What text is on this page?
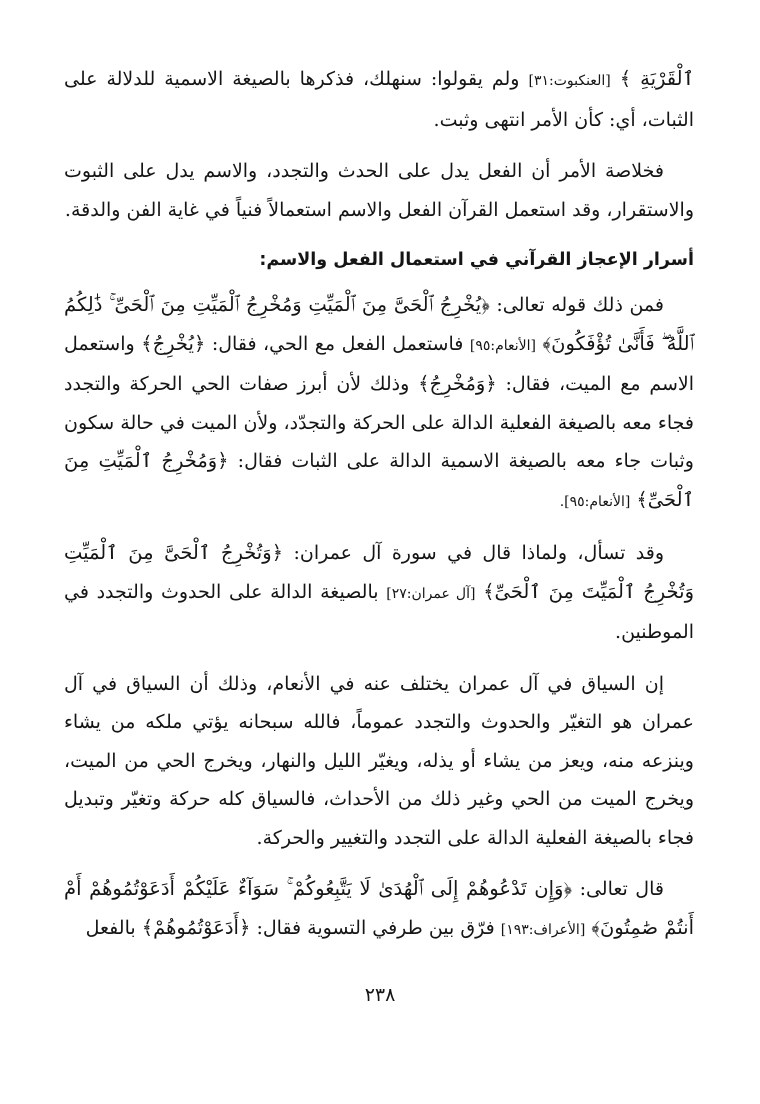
ٱلْقَرْيَةِ ﴾ [العنكبوت:٣١] ولم يقولوا: سنهلك، فذكرها بالصيغة الاسمية للدلالة على الثبات، أي: كأن الأمر انتهى وثبت.

فخلاصة الأمر أن الفعل يدل على الحدث والتجدد، والاسم يدل على الثبوت والاستقرار، وقد استعمل القرآن الفعل والاسم استعمالاً فنياً في غاية الفن والدقة.

أسرار الإعجاز القرآني في استعمال الفعل والاسم:

فمن ذلك قوله تعالى: ﴿يُخْرِجُ ٱلْحَىَّ مِنَ ٱلْمَيِّتِ وَمُخْرِجُ ٱلْمَيِّتِ مِنَ ٱلْحَىِّ ۚ ذَٰلِكُمُ ٱللَّهُ ۖ فَأَنَّىٰ تُؤْفَكُونَ﴾ [الأنعام:٩٥] فاستعمل الفعل مع الحي، فقال: ﴿يُخْرِجُ﴾ واستعمل الاسم مع الميت، فقال: ﴿وَمُخْرِجُ﴾ وذلك لأن أبرز صفات الحي الحركة والتجدد فجاء معه بالصيغة الفعلية الدالة على الحركة والتجدّد، ولأن الميت في حالة سكون وثبات جاء معه بالصيغة الاسمية الدالة على الثبات فقال: ﴿وَمُخْرِجُ ٱلْمَيِّتِ مِنَ ٱلْحَىِّ﴾ [الأنعام:٩٥].

وقد تسأل، ولماذا قال في سورة آل عمران: ﴿وَتُخْرِجُ ٱلْحَىَّ مِنَ ٱلْمَيِّتِ وَتُخْرِجُ ٱلْمَيِّتَ مِنَ ٱلْحَىِّ﴾ [آل عمران:٢٧] بالصيغة الدالة على الحدوث والتجدد في الموطنين.

إن السياق في آل عمران يختلف عنه في الأنعام، وذلك أن السياق في آل عمران هو التغيّر والحدوث والتجدد عموماً، فالله سبحانه يؤتي ملكه من يشاء وينزعه منه، ويعز من يشاء أو يذله، ويغيّر الليل والنهار، ويخرج الحي من الميت، ويخرج الميت من الحي وغير ذلك من الأحداث، فالسياق كله حركة وتغيّر وتبديل فجاء بالصيغة الفعلية الدالة على التجدد والتغيير والحركة.

قال تعالى: ﴿وَإِن تَدْعُوهُمْ إِلَى ٱلْهُدَىٰ لَا يَتَّبِعُوكُمْ ۚ سَوَآءٌ عَلَيْكُمْ أَدَعَوْتُمُوهُمْ أَمْ أَنتُمْ صَٰمِتُونَ﴾ [الأعراف:١٩٣] فرّق بين طرفي التسوية فقال: ﴿أَدَعَوْتُمُوهُمْ﴾ بالفعل

٢٣٨
